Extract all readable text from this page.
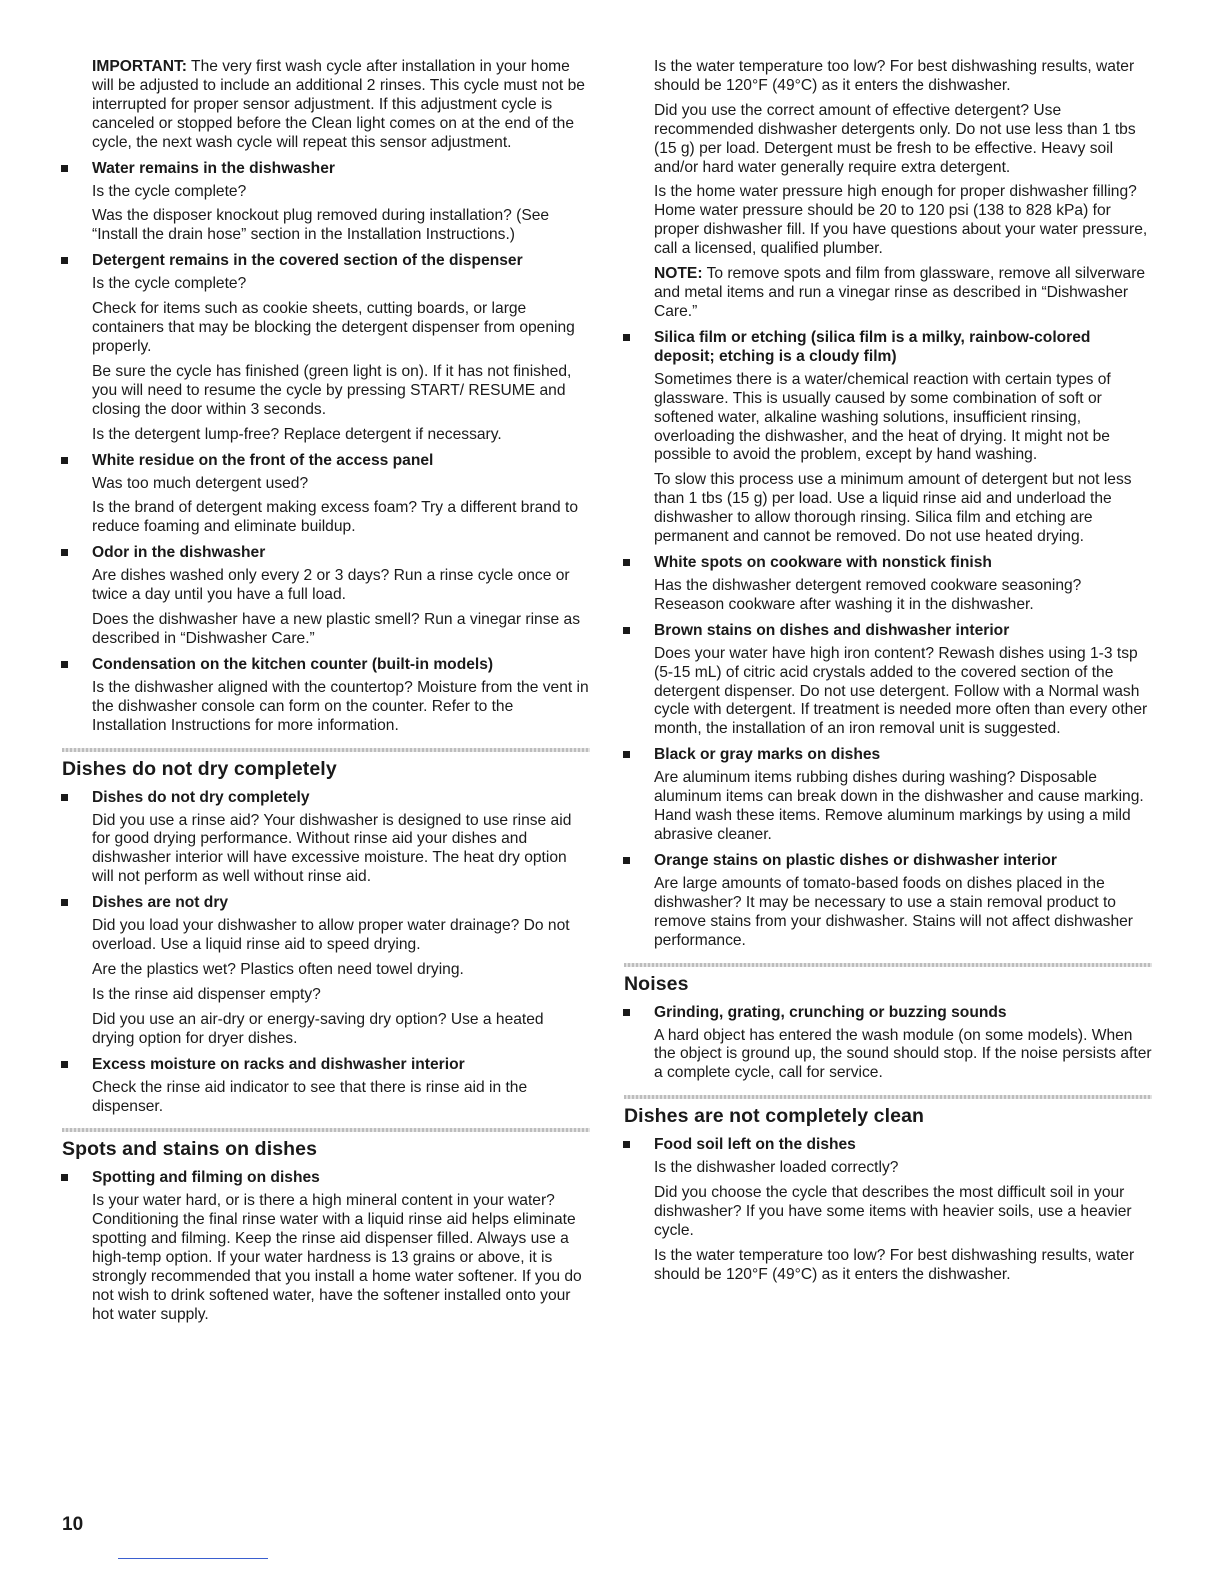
IMPORTANT: The very first wash cycle after installation in your home will be adjusted to include an additional 2 rinses. This cycle must not be interrupted for proper sensor adjustment. If this adjustment cycle is canceled or stopped before the Clean light comes on at the end of the cycle, the next wash cycle will repeat this sensor adjustment.

Water remains in the dishwasher

Is the cycle complete?

Was the disposer knockout plug removed during installation? (See “Install the drain hose” section in the Installation Instructions.)

Detergent remains in the covered section of the dispenser

Is the cycle complete?

Check for items such as cookie sheets, cutting boards, or large containers that may be blocking the detergent dispenser from opening properly.

Be sure the cycle has finished (green light is on). If it has not finished, you will need to resume the cycle by pressing START/ RESUME and closing the door within 3 seconds.

Is the detergent lump-free? Replace detergent if necessary.

White residue on the front of the access panel

Was too much detergent used?

Is the brand of detergent making excess foam? Try a different brand to reduce foaming and eliminate buildup.

Odor in the dishwasher

Are dishes washed only every 2 or 3 days? Run a rinse cycle once or twice a day until you have a full load.

Does the dishwasher have a new plastic smell? Run a vinegar rinse as described in “Dishwasher Care.”

Condensation on the kitchen counter (built-in models)

Is the dishwasher aligned with the countertop? Moisture from the vent in the dishwasher console can form on the counter. Refer to the Installation Instructions for more information.

Dishes do not dry completely
Dishes do not dry completely

Did you use a rinse aid? Your dishwasher is designed to use rinse aid for good drying performance. Without rinse aid your dishes and dishwasher interior will have excessive moisture. The heat dry option will not perform as well without rinse aid.

Dishes are not dry

Did you load your dishwasher to allow proper water drainage? Do not overload. Use a liquid rinse aid to speed drying.

Are the plastics wet? Plastics often need towel drying.

Is the rinse aid dispenser empty?

Did you use an air-dry or energy-saving dry option? Use a heated drying option for dryer dishes.

Excess moisture on racks and dishwasher interior

Check the rinse aid indicator to see that there is rinse aid in the dispenser.

Spots and stains on dishes
Spotting and filming on dishes

Is your water hard, or is there a high mineral content in your water? Conditioning the final rinse water with a liquid rinse aid helps eliminate spotting and filming. Keep the rinse aid dispenser filled. Always use a high-temp option. If your water hardness is 13 grains or above, it is strongly recommended that you install a home water softener. If you do not wish to drink softened water, have the softener installed onto your hot water supply.

Is the water temperature too low? For best dishwashing results, water should be 120°F (49°C) as it enters the dishwasher.

Did you use the correct amount of effective detergent? Use recommended dishwasher detergents only. Do not use less than 1 tbs (15 g) per load. Detergent must be fresh to be effective. Heavy soil and/or hard water generally require extra detergent.

Is the home water pressure high enough for proper dishwasher filling? Home water pressure should be 20 to 120 psi (138 to 828 kPa) for proper dishwasher fill. If you have questions about your water pressure, call a licensed, qualified plumber.

NOTE: To remove spots and film from glassware, remove all silverware and metal items and run a vinegar rinse as described in “Dishwasher Care.”

Silica film or etching (silica film is a milky, rainbow-colored deposit; etching is a cloudy film)

Sometimes there is a water/chemical reaction with certain types of glassware. This is usually caused by some combination of soft or softened water, alkaline washing solutions, insufficient rinsing, overloading the dishwasher, and the heat of drying. It might not be possible to avoid the problem, except by hand washing.

To slow this process use a minimum amount of detergent but not less than 1 tbs (15 g) per load. Use a liquid rinse aid and underload the dishwasher to allow thorough rinsing. Silica film and etching are permanent and cannot be removed. Do not use heated drying.

White spots on cookware with nonstick finish

Has the dishwasher detergent removed cookware seasoning? Reseason cookware after washing it in the dishwasher.

Brown stains on dishes and dishwasher interior

Does your water have high iron content? Rewash dishes using 1-3 tsp (5-15 mL) of citric acid crystals added to the covered section of the detergent dispenser. Do not use detergent. Follow with a Normal wash cycle with detergent. If treatment is needed more often than every other month, the installation of an iron removal unit is suggested.

Black or gray marks on dishes

Are aluminum items rubbing dishes during washing? Disposable aluminum items can break down in the dishwasher and cause marking. Hand wash these items. Remove aluminum markings by using a mild abrasive cleaner.

Orange stains on plastic dishes or dishwasher interior

Are large amounts of tomato-based foods on dishes placed in the dishwasher? It may be necessary to use a stain removal product to remove stains from your dishwasher. Stains will not affect dishwasher performance.

Noises
Grinding, grating, crunching or buzzing sounds

A hard object has entered the wash module (on some models). When the object is ground up, the sound should stop. If the noise persists after a complete cycle, call for service.

Dishes are not completely clean
Food soil left on the dishes

Is the dishwasher loaded correctly?

Did you choose the cycle that describes the most difficult soil in your dishwasher? If you have some items with heavier soils, use a heavier cycle.

Is the water temperature too low? For best dishwashing results, water should be 120°F (49°C) as it enters the dishwasher.

10
